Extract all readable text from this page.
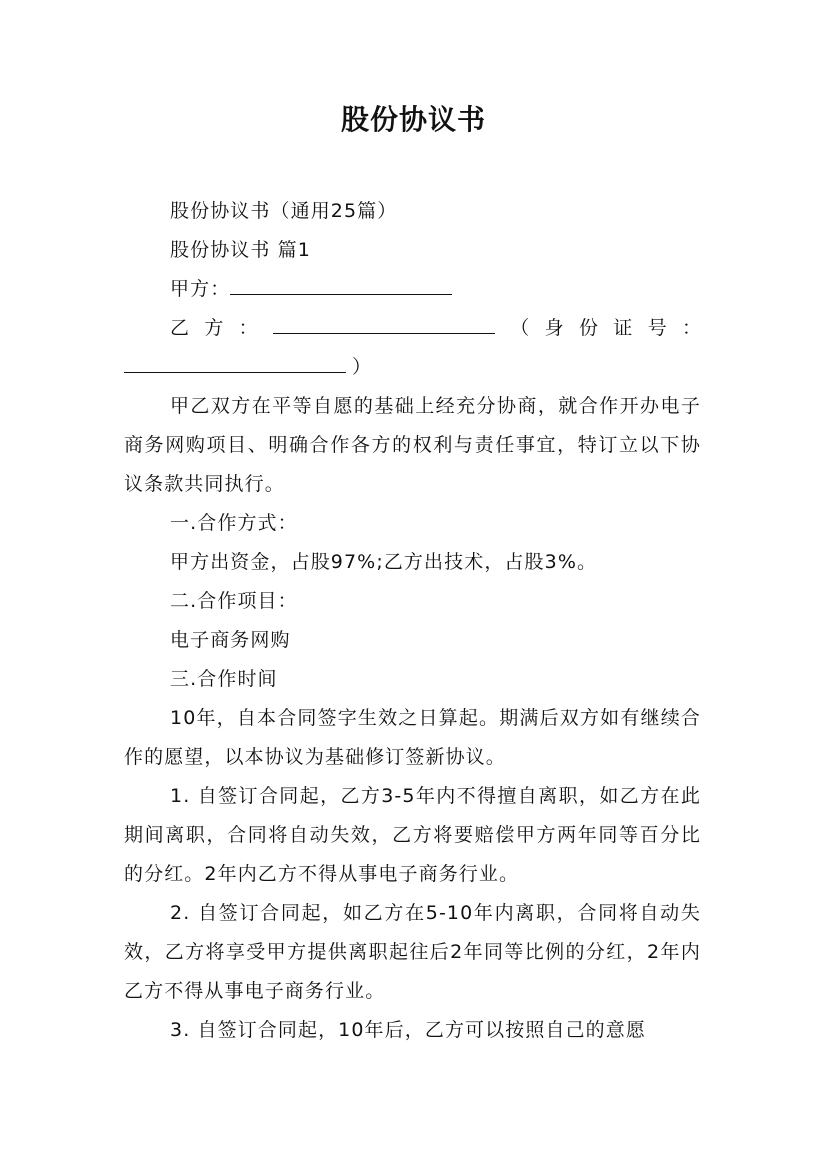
股份协议书

股份协议书（通用25篇）

股份协议书 篇1

甲方：

乙 方 ：	（ 身 份 证 号 ：

）

甲乙双方在平等自愿的基础上经充分协商，就合作开办电子商务网购项目、明确合作各方的权利与责任事宜，特订立以下协议条款共同执行。

一.合作方式：

甲方出资金，占股97%;乙方出技术，占股3%。

二.合作项目：

电子商务网购

三.合作时间

10年，自本合同签字生效之日算起。期满后双方如有继续合作的愿望，以本协议为基础修订签新协议。

1. 自签订合同起，乙方3-5年内不得擅自离职，如乙方在此期间离职，合同将自动失效，乙方将要赔偿甲方两年同等百分比的分红。2年内乙方不得从事电子商务行业。

2. 自签订合同起，如乙方在5-10年内离职，合同将自动失效，乙方将享受甲方提供离职起往后2年同等比例的分红，2年内乙方不得从事电子商务行业。

3. 自签订合同起，10年后，乙方可以按照自己的意愿
